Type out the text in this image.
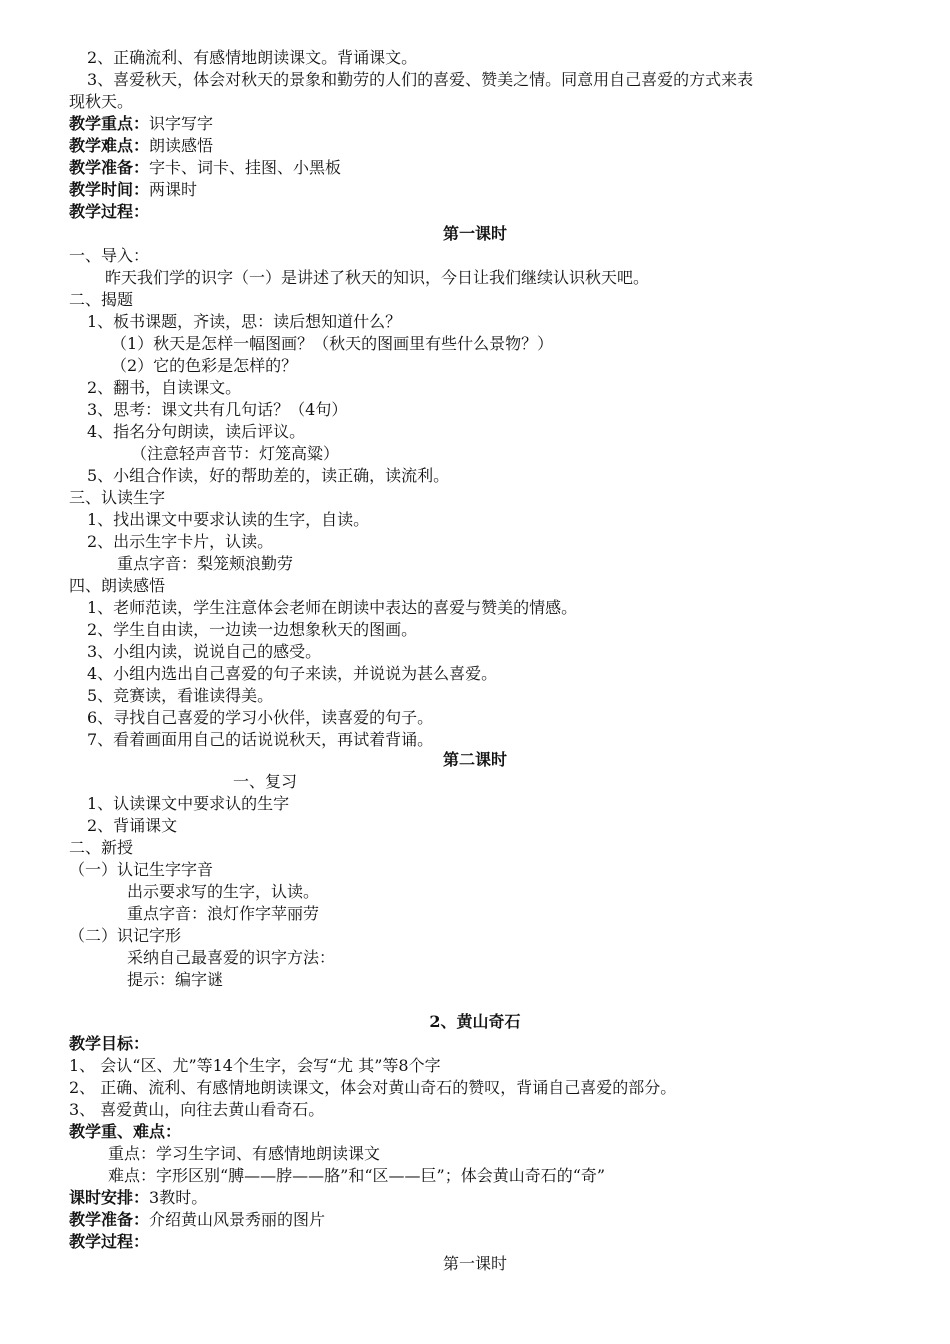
2、正确流利、有感情地朗读课文。背诵课文。
3、喜爱秋天，体会对秋天的景象和勤劳的人们的喜爱、赞美之情。同意用自己喜爱的方式来表
现秋天。
教学重点：识字写字
教学难点：朗读感悟
教学准备：字卡、词卡、挂图、小黑板
教学时间：两课时
教学过程：
第一课时
一、导入：
昨天我们学的识字（一）是讲述了秋天的知识，今日让我们继续认识秋天吧。
二、揭题
1、板书课题，齐读，思：读后想知道什么？
（1）秋天是怎样一幅图画？（秋天的图画里有些什么景物？）
（2）它的色彩是怎样的？
2、翻书，自读课文。
3、思考：课文共有几句话？（4句）
4、指名分句朗读，读后评议。
（注意轻声音节：灯笼高粱）
5、小组合作读，好的帮助差的，读正确，读流利。
三、认读生字
1、找出课文中要求认读的生字，自读。
2、出示生字卡片，认读。
重点字音：梨笼颊浪勤劳
四、朗读感悟
1、老师范读，学生注意体会老师在朗读中表达的喜爱与赞美的情感。
2、学生自由读，一边读一边想象秋天的图画。
3、小组内读，说说自己的感受。
4、小组内选出自己喜爱的句子来读，并说说为甚么喜爱。
5、竞赛读，看谁读得美。
6、寻找自己喜爱的学习小伙伴，读喜爱的句子。
7、看着画面用自己的话说说秋天，再试着背诵。
第二课时
一、复习
1、认读课文中要求认的生字
2、背诵课文
二、新授
（一）认记生字字音
出示要求写的生字，认读。
重点字音：浪灯作字苹丽劳
（二）识记字形
采纳自己最喜爱的识字方法：
提示：编字谜
2、黄山奇石
教学目标：
1、 会认“区、尤”等14个生字，会写“尤 其”等8个字
2、 正确、流利、有感情地朗读课文，体会对黄山奇石的赞叹，背诵自己喜爱的部分。
3、 喜爱黄山，向往去黄山看奇石。
教学重、难点：
重点：学习生字词、有感情地朗读课文
难点：字形区别“膊——脖——胳”和“区——巨”；体会黄山奇石的“奇”
课时安排：3教时。
教学准备：介绍黄山风景秀丽的图片
教学过程：
第一课时
